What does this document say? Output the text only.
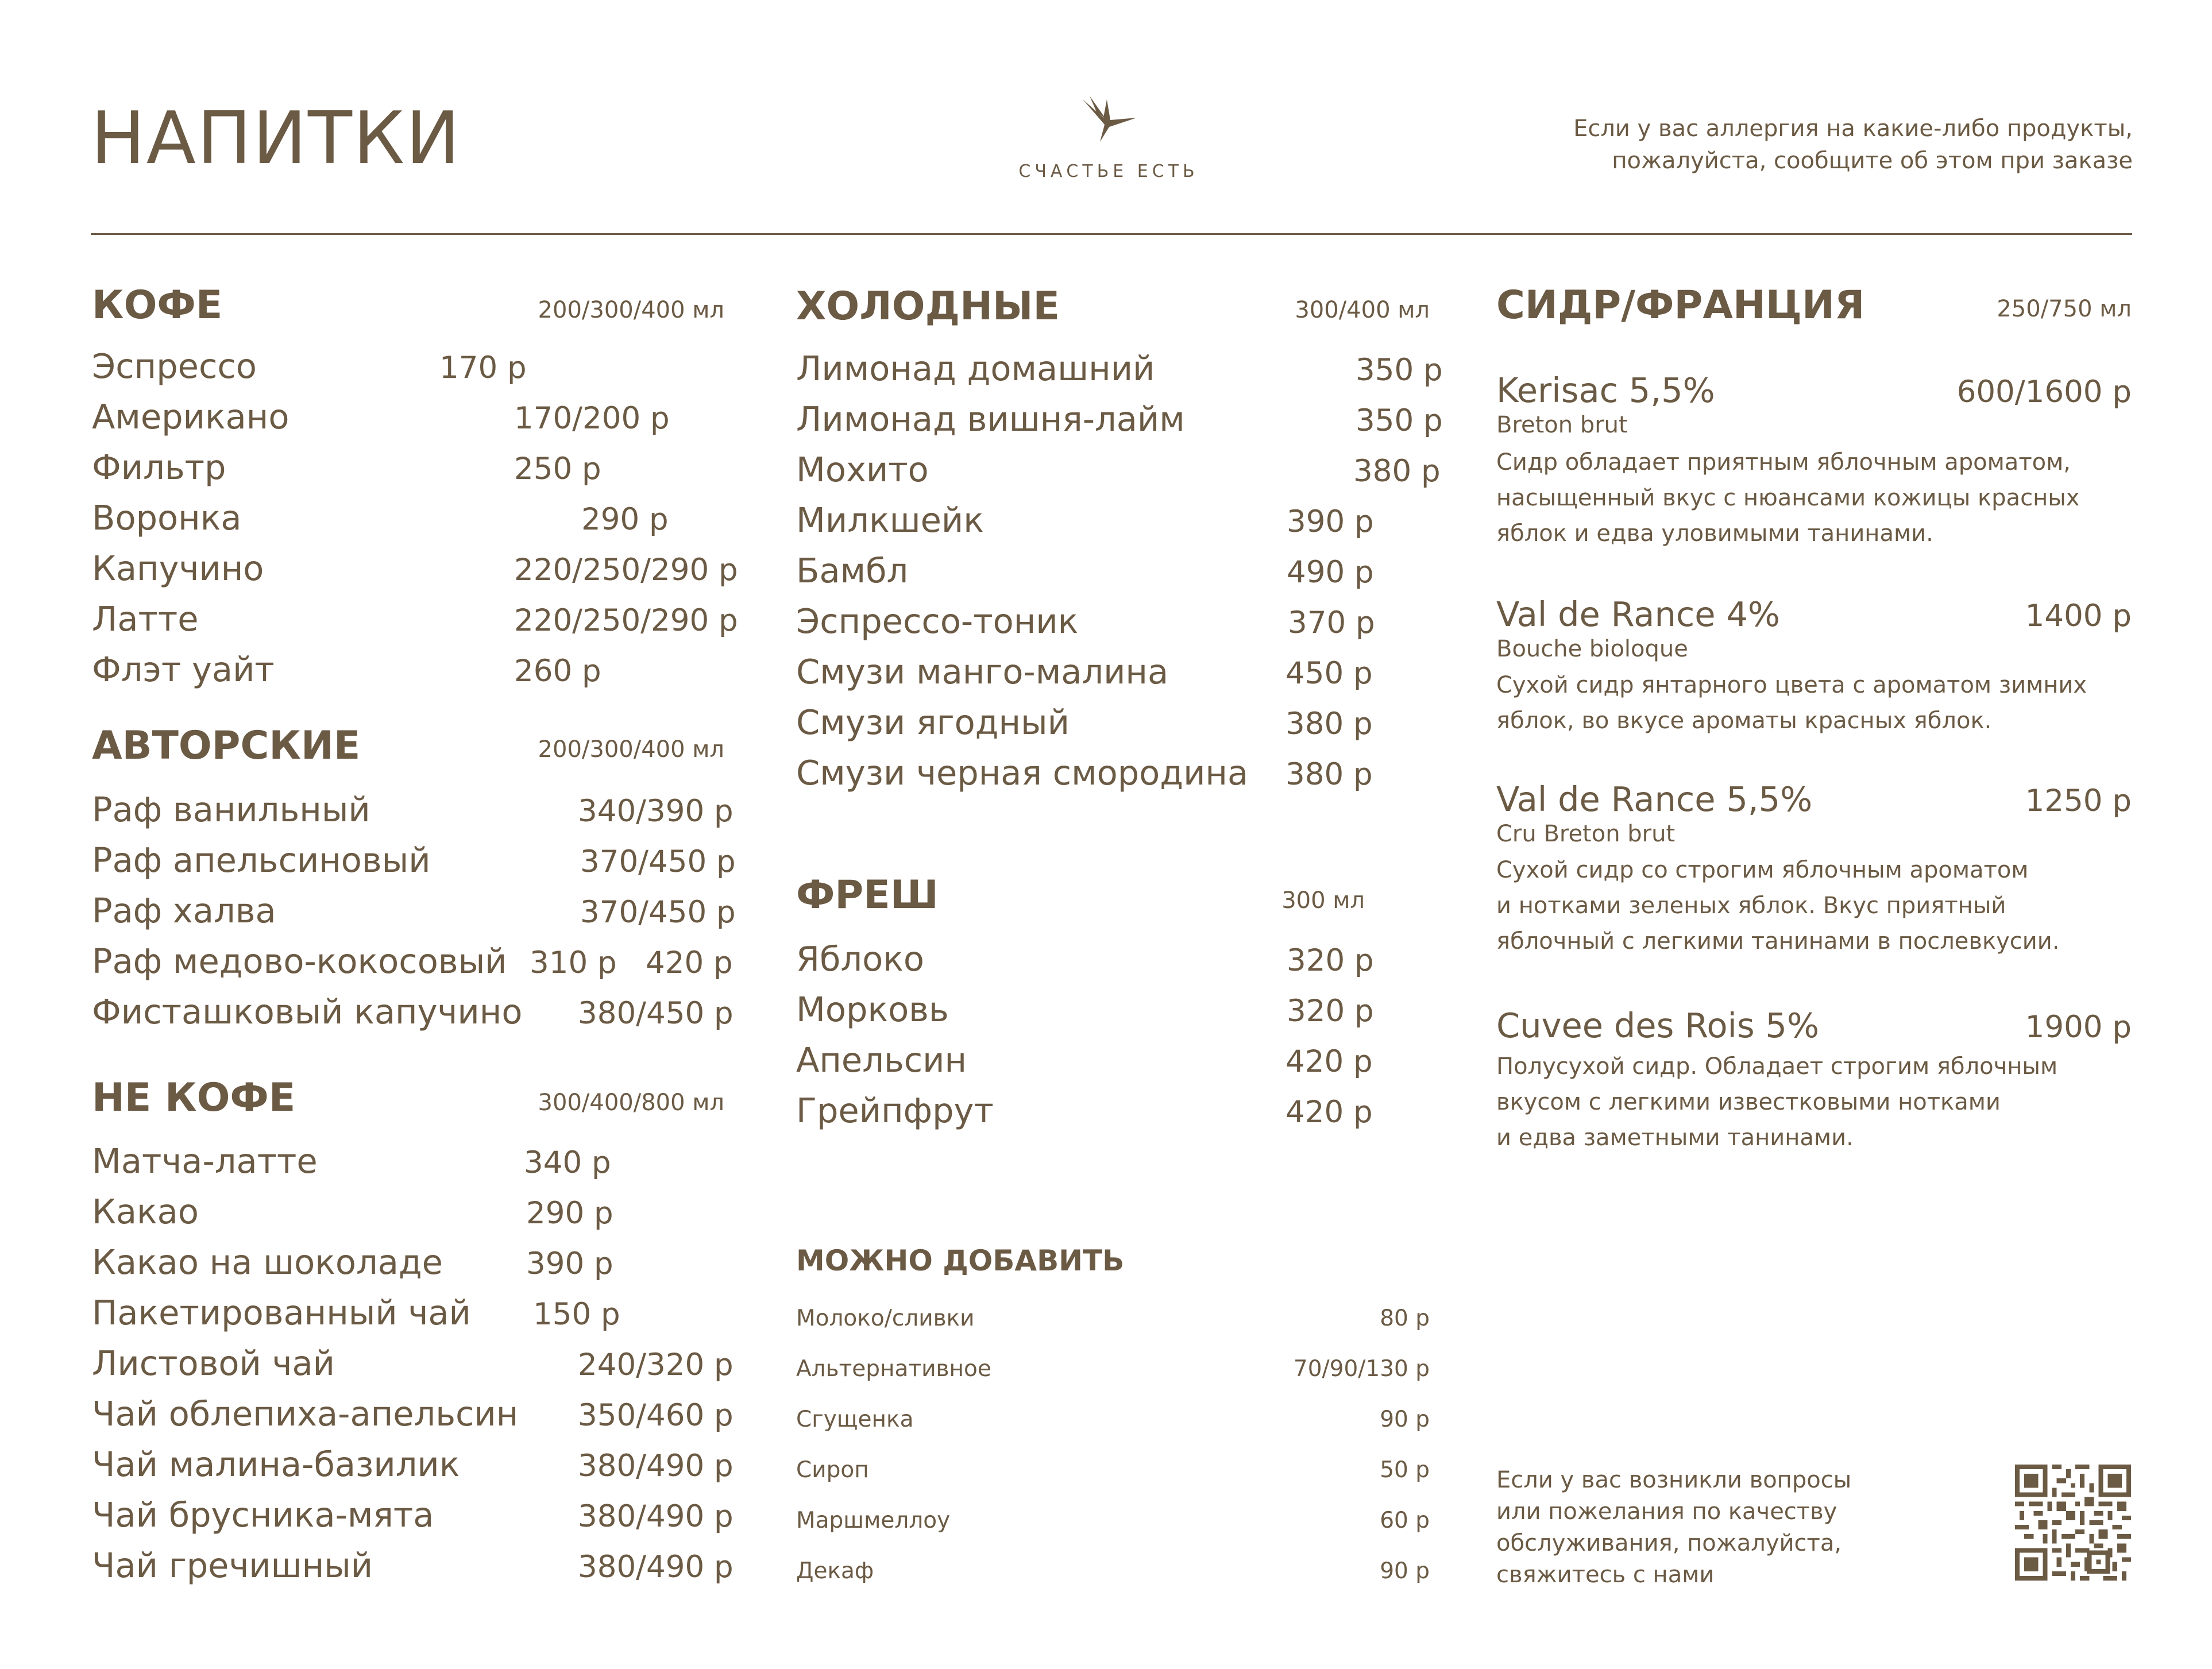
НАПИТКИ	СЧАСТЬЕ ЕСТЬ
Если у вас аллергия на какие-либо продукты,
пожалуйста, сообщите об этом при заказе
КОФЕ	200/300/400 мл
Эспрессо	170 р
Американо	170/200 р
Фильтр	250 р
Воронка	290 р
Капучино	220/250/290 р
Латте	220/250/290 р
Флэт уайт	260 р
АВТОРСКИЕ	200/300/400 мл
Раф ванильный	340/390 р
Раф апельсиновый	370/450 р
Раф халва	370/450 р
Раф медово-кокосовый 310 р 420 р
Фисташковый капучино 380/450 р
НЕ КОФЕ	300/400/800 мл
Матча-латте	340 р
Какао	290 р
Какао на шоколаде	390 р
Пакетированный чай 150 р
Листовой чай	240/320 р
Чай облепиха-апельсин 350/460 р
Чай малина-базилик	380/490 р
Чай брусника-мята	380/490 р
Чай гречишный	380/490 р
ХОЛОДНЫЕ	300/400 мл
Лимонад домашний	350 р
Лимонад вишня-лайм	350 р
Мохито	380 р
Милкшейк	390 р
Бамбл	490 р
Эспрессо-тоник	370 р
Смузи манго-малина	450 р
Смузи ягодный	380 р
Смузи черная смородина 380 р
ФРЕШ	300 мл
Яблоко	320 р
Морковь	320 р
Апельсин	420 р
Грейпфрут	420 р
МОЖНО ДОБАВИТЬ
Молоко/сливки	80 р
Альтернативное	70/90/130 р
Сгущенка	90 р
Сироп	50 р
Маршмеллоу	60 р
Декаф	90 р
СИДР/ФРАНЦИЯ	250/750 мл
Kerisac 5,5%	600/1600 р
Breton brut
Сидр обладает приятным яблочным ароматом,
насыщенный вкус с нюансами кожицы красных
яблок и едва уловимыми танинами.
Val de Rance 4%	1400 р
Bouche bioloque
Сухой сидр янтарного цвета с ароматом зимних
яблок, во вкусе ароматы красных яблок.
Val de Rance 5,5%	1250 р
Cru Breton brut
Сухой сидр со строгим яблочным ароматом
и нотками зеленых яблок. Вкус приятный
яблочный с легкими танинами в послевкусии.
Cuvee des Rois 5%	1900 р
Полусухой сидр. Обладает строгим яблочным
вкусом с легкими известковыми нотками
и едва заметными танинами.
Если у вас возникли вопросы
или пожелания по качеству
обслуживания, пожалуйста,
свяжитесь с нами
